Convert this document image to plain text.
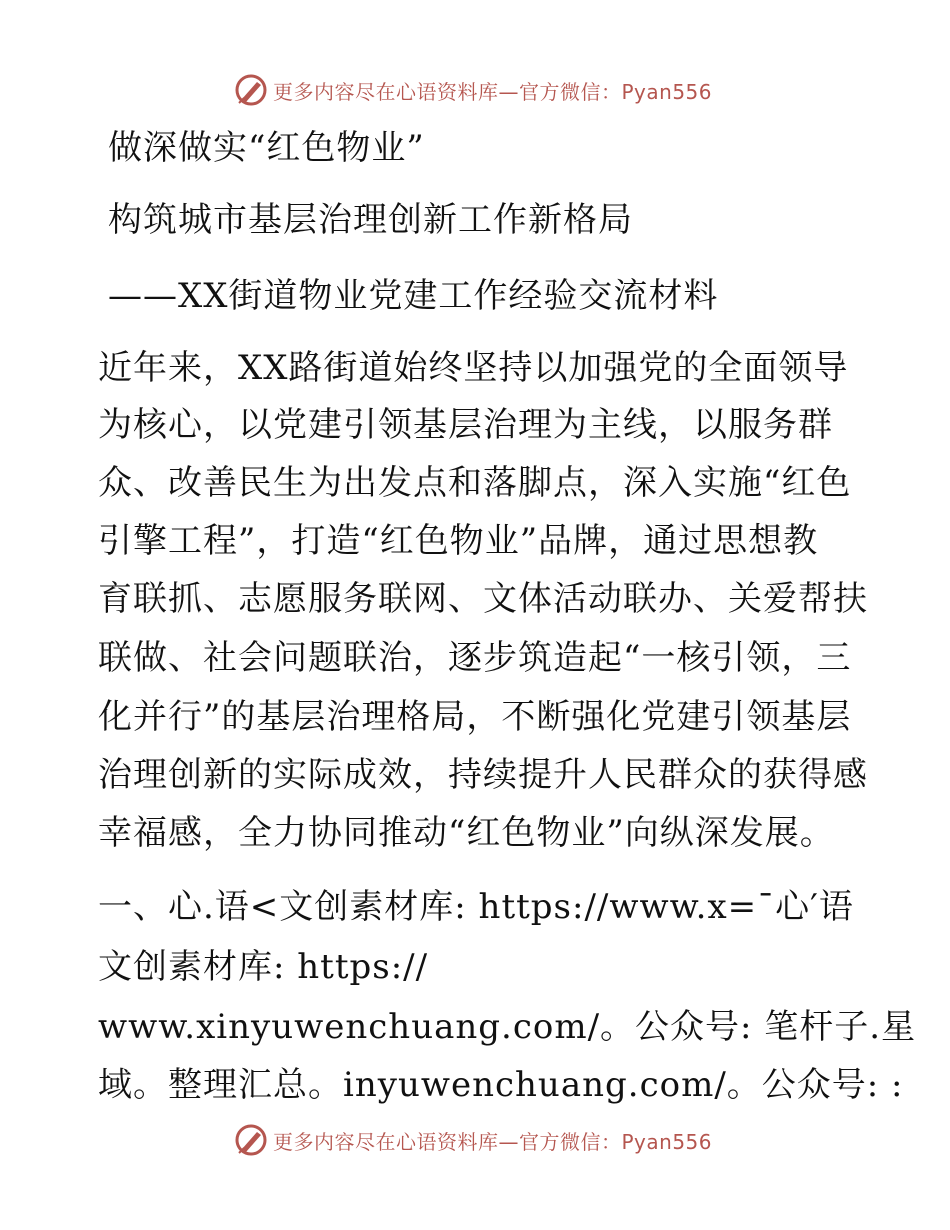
更多内容尽在心语资料库—官方微信：Pyan556

做深做实“红色物业”

构筑城市基层治理创新工作新格局

——XX街道物业党建工作经验交流材料

近年来，XX路街道始终坚持以加强党的全面领导

为核心，以党建引领基层治理为主线，以服务群

众、改善民生为出发点和落脚点，深入实施“红色

引擎工程”，打造“红色物业”品牌，通过思想教

育联抓、志愿服务联网、文体活动联办、关爱帮扶

联做、社会问题联治，逐步筑造起“一核引领，三

化并行”的基层治理格局，不断强化党建引领基层

治理创新的实际成效，持续提升人民群众的获得感

幸福感，全力协同推动“红色物业”向纵深发展。

一、心.语<文创素材库: https://www.x=¯心′语

文创素材库: https://

www.xinyuwenchuang.com/。公众号: 笔杆子.星

域。整理汇总。inyuwenchuang.com/。公众号: :

更多内容尽在心语资料库—官方微信：Pyan556
